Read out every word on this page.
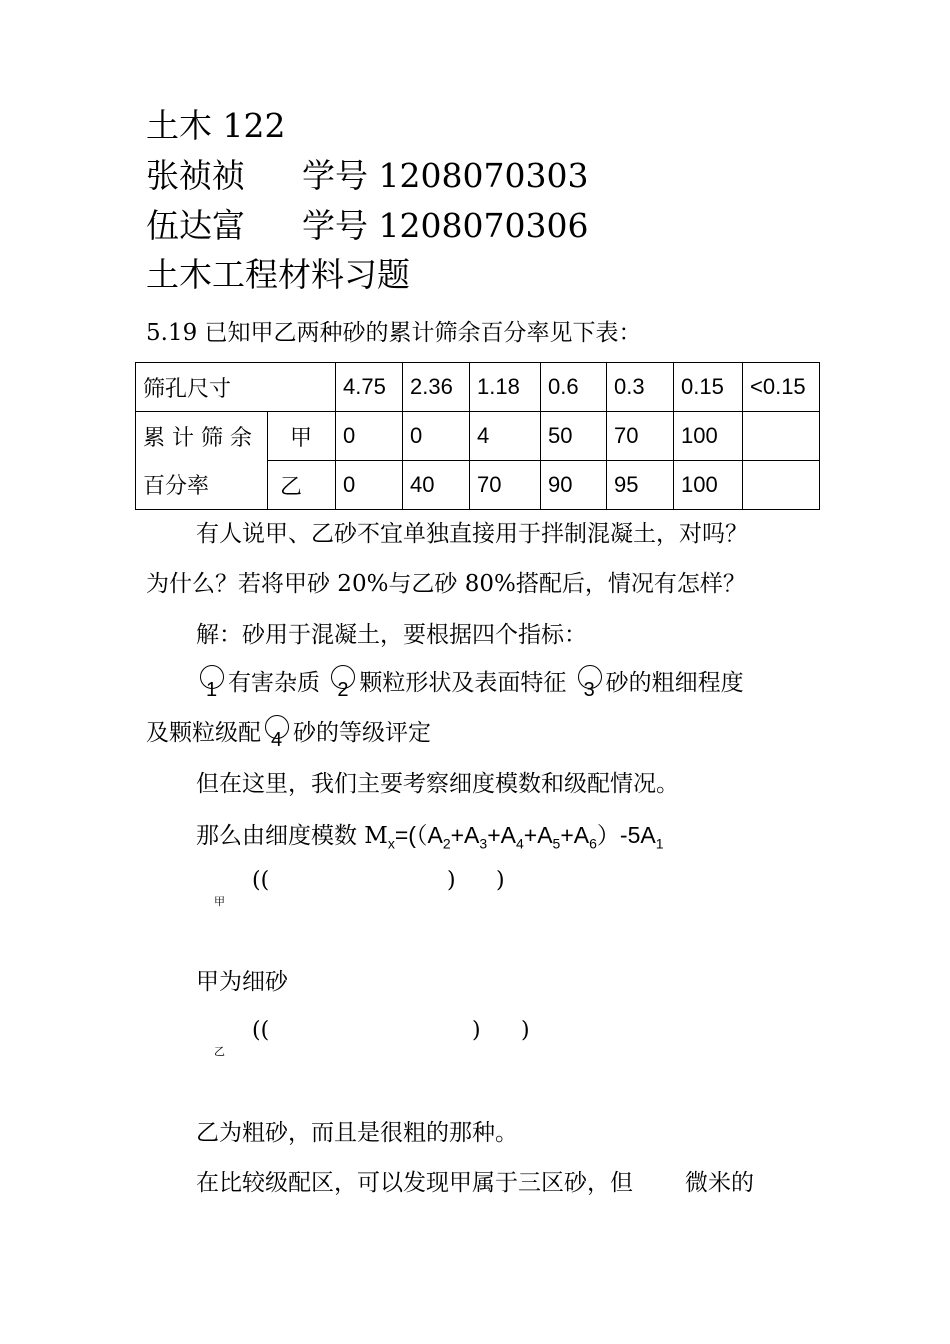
土木 122
张祯祯 学号 1208070303
伍达富 学号 1208070306
土木工程材料习题
5.19 已知甲乙两种砂的累计筛余百分率见下表：
筛孔尺寸		4.75	2.36	1.18	0.6	0.3	0.15	<0.15
累 计 筛 余	甲	0	0	4	50	70	100	
百分率	乙	0	40	70	90	95	100	
有人说甲、乙砂不宜单独直接用于拌制混凝土，对吗？
为什么？若将甲砂 20%与乙砂 80%搭配后，情况有怎样？
解：砂用于混凝土，要根据四个指标：
1 有害杂质 2 颗粒形状及表面特征 3 砂的粗细程度
及颗粒级配 4 砂的等级评定
但在这里，我们主要考察细度模数和级配情况。
那么由细度模数 $M_x=((A_2+A_3+A_4+A_5+A_6)-5A_1$
甲
((	) )
甲为细砂
乙
((	) )
乙为粗砂，而且是很粗的那种。
在比较级配区，可以发现甲属于三区砂，但 微米的
